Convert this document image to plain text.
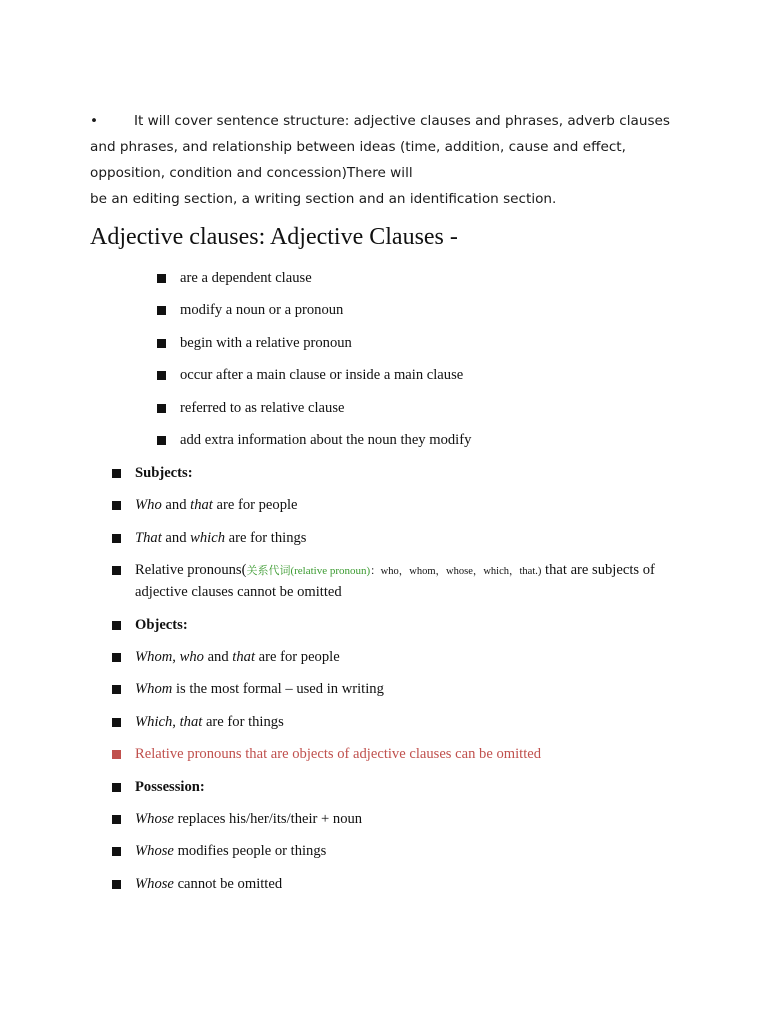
•	It will cover sentence structure: adjective clauses and phrases, adverb clauses and phrases, and relationship between ideas (time, addition, cause and effect, opposition, condition and concession)There will

be an editing section, a writing section and an identification section.

Adjective clauses: Adjective Clauses -
are a dependent clause
modify a noun or a pronoun
begin with a relative pronoun
occur after a main clause or inside a main clause
referred to as relative clause
add extra information about the noun they modify
Subjects:
Who and that are for people
That and which are for things
Relative pronouns(关系代词(relative pronoun)：who，whom，whose，which，that.) that are subjects of adjective clauses cannot be omitted
Objects:
Whom, who and that are for people
Whom is the most formal – used in writing
Which, that are for things
Relative pronouns that are objects of adjective clauses can be omitted
Possession:
Whose replaces his/her/its/their + noun
Whose modifies people or things
Whose cannot be omitted
